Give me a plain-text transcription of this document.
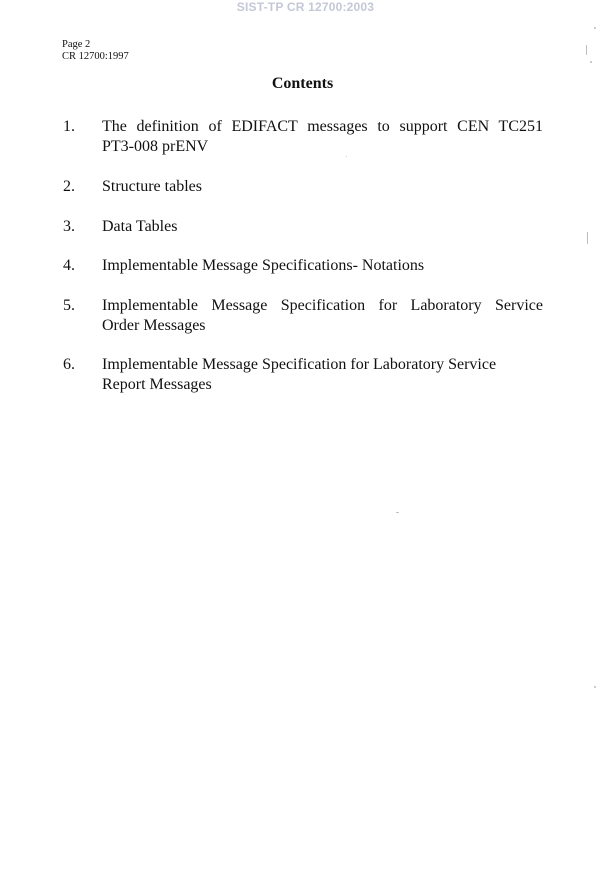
SIST-TP CR 12700:2003
Page 2
CR 12700:1997
Contents
1.	The definition of EDIFACT messages to support CEN TC251
PT3-008 prENV
2.	Structure tables
3.	Data Tables
4.	Implementable Message Specifications- Notations
5.	Implementable Message Specification for Laboratory Service
Order Messages
6.	Implementable Message Specification for Laboratory Service
Report Messages
